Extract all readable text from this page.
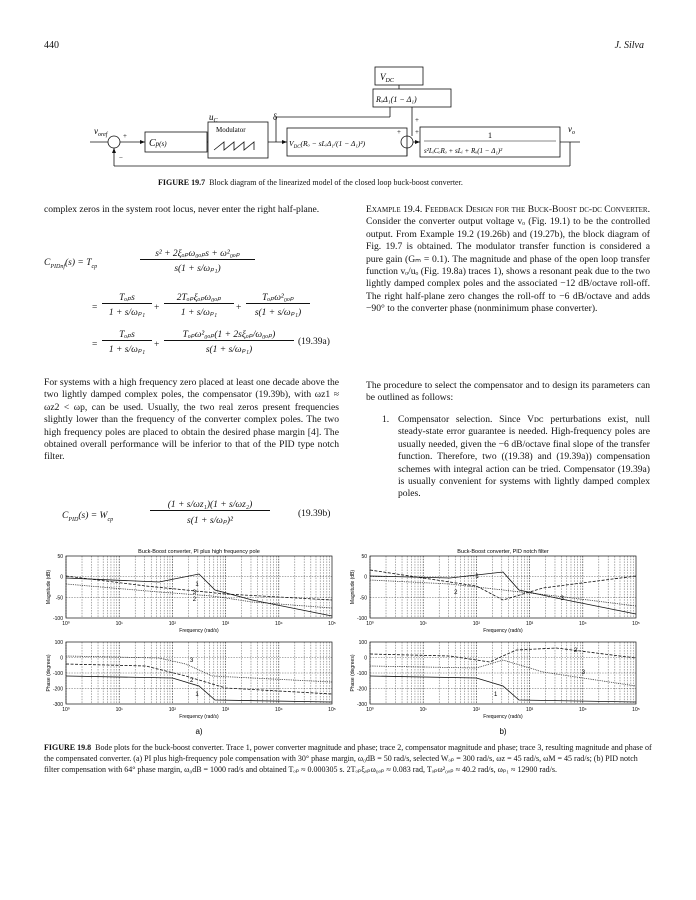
440	J. Silva
$v_{oref}$
$u_C$	δ
$v_o$
Cp(s)
Modulator
$V_{DC}$
RₒΔ₁(1 − Δ₁)
$V_{DC}(R_o$ − sLᵢΔ₁/(1 − Δ₁)²)
1
s²LᵢCₒRₒ + sLᵢ + Rₒ(1 − Δ₁)²
+
−
+ +
+
FIGURE 19.7 Block diagram of the linearized model of the closed loop buck-boost converter.
complex zeros in the system root locus, never enter the right half-plane.
$C_{PIDnf}(s) = T_{cp}$
s² + 2ξₒₚω₀ₒₚs + ω²₀ₒₚ
s(1 + s/ωₚ₁)
=
Tₒₚs
1 + s/ωₚ₁ +
2Tₒₚξₒₚω₀ₒₚ
1 + s/ωₚ₁	+
Tₒₚω²₀ₒₚ
s(1 + s/ωₚ₁)
=
Tₒₚs
1 + s/ωₚ₁ +
Tₒₚω²₀ₒₚ(1 + 2sξₒₚ/ω₀ₒₚ)
s(1 + s/ωₚ₁)
(19.39a)
For systems with a high frequency zero placed at least one decade above the two lightly damped complex poles, the compensator (19.39b), with ωz1 ≈ ωz2 < ωp, can be used. Usually, the two real zeros present frequencies slightly lower than the frequency of the converter complex poles. The two high frequency poles are placed to obtain the desired phase margin [4]. The obtained overall performance will be inferior to that of the PID type notch filter.
$C_{PID}(s) = W_{cp}$
(1 + s/ωz₁)(1 + s/ωz₂)
s(1 + s/ωₚ)²
(19.39b)
Example 19.4. Feedback Design for the Buck-Boost dc-dc Converter. Consider the converter output voltage vₒ (Fig. 19.1) to be the controlled output. From Example 19.2 (19.26b) and (19.27b), the block diagram of Fig. 19.7 is obtained. The modulator transfer function is considered a pure gain (Gₘ = 0.1). The magnitude and phase of the open loop transfer function vₒ/uₒ (Fig. 19.8a) traces 1), shows a resonant peak due to the two lightly damped complex poles and the associated −12 dB/octave roll-off. The right half-plane zero changes the roll-off to −6 dB/octave and adds −90° to the converter phase (nonminimum phase converter).
The procedure to select the compensator and to design its parameters can be outlined as follows:
1. Compensator selection. Since Vᴅᴄ perturbations exist, null steady-state error guarantee is needed. High-frequency poles are usually needed, given the −6 dB/octave final slope of the transfer function. Therefore, two ((19.38) and (19.39a)) compensation schemes with integral action can be tried. Compensator (19.39a) is usually convenient for systems with lightly damped complex poles.
Buck-Boost converter, PI plus high frequency pole
50
0
-50
-100
Magnitude (dB)
10⁰	10¹	10²	10³	10⁴	10⁵
Frequency (rad/s)
100
0
-100
-200
-300
Phase (degrees)
10⁰	10¹	10²	10³	10⁴	10⁵
Frequency (rad/s)
a)
1
2
3
1
2
3
Buck-Boost converter, PID notch filter
50
0
-50
-100
Magnitude (dB)
10⁰	10¹	10²	10³	10⁴	10⁵
Frequency (rad/s)
100
0
-100
-200
-300
Phase (degrees)
10⁰	10¹	10²	10³	10⁴	10⁵
Frequency (rad/s)
b)
1
2
3
1
2
3
FIGURE 19.8 Bode plots for the buck-boost converter. Trace 1, power converter magnitude and phase; trace 2, compensator magnitude and phase; trace 3, resulting magnitude and phase of the compensated converter. (a) PI plus high-frequency pole compensation with 30° phase margin, ω₀dB = 50 rad/s, selected Wₒₚ = 300 rad/s, ωz = 45 rad/s, ωM = 45 rad/s; (b) PID notch filter compensation with 64° phase margin, ω₀dB = 1000 rad/s and obtained Tₒₚ ≈ 0.000305 s. 2Tₒₚξₒₚω₀ₒₚ ≈ 0.083 rad, Tₒₚω²₀ₒₚ ≈ 40.2 rad/s, ωₚ₁ ≈ 12900 rad/s.
